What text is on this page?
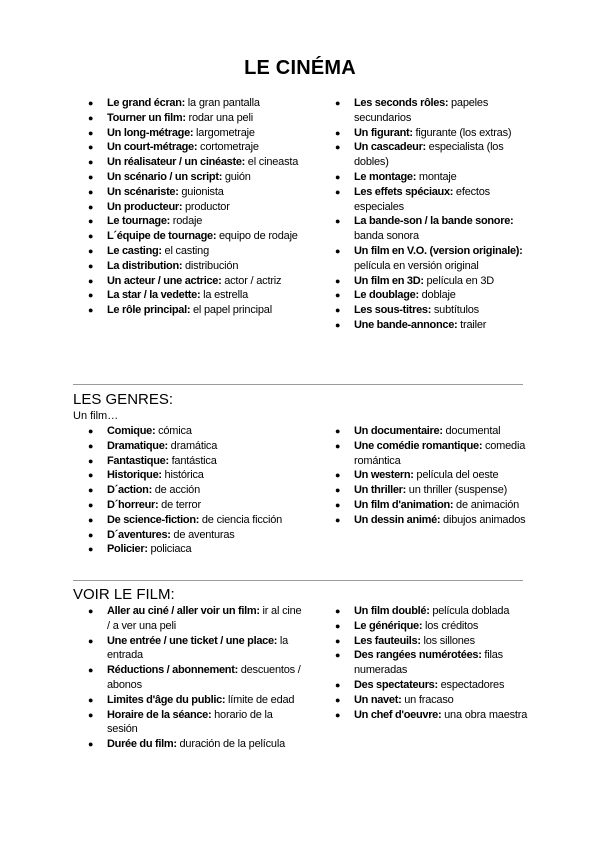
LE CINÉMA
● Le grand écran: la gran pantalla
● Tourner un film: rodar una peli
● Un long-métrage: largometraje
● Un court-métrage: cortometraje
● Un réalisateur / un cinéaste: el cineasta
● Un scénario / un script: guión
● Un scénariste: guionista
● Un producteur: productor
● Le tournage: rodaje
● L´équipe de tournage: equipo de rodaje
● Le casting: el casting
● La distribution: distribución
● Un acteur / une actrice: actor / actriz
● La star / la vedette: la estrella
● Le rôle principal: el papel principal
● Les seconds rôles: papeles secundarios
● Un figurant: figurante (los extras)
● Un cascadeur: especialista (los dobles)
● Le montage: montaje
● Les effets spéciaux: efectos especiales
● La bande-son / la bande sonore: banda sonora
● Un film en V.O. (version originale): película en versión original
● Un film en 3D: película en 3D
● Le doublage: doblaje
● Les sous-titres: subtítulos
● Une bande-annonce: trailer
LES GENRES:
Un film…
● Comique: cómica
● Dramatique: dramática
● Fantastique: fantástica
● Historique: histórica
● D´action: de acción
● D´horreur: de terror
● De science-fiction: de ciencia ficción
● D´aventures: de aventuras
● Policier: policiaca
● Un documentaire: documental
● Une comédie romantique: comedia romántica
● Un western: película del oeste
● Un thriller: un thriller (suspense)
● Un film d'animation: de animación
● Un dessin animé: dibujos animados
VOIR LE FILM:
● Aller au ciné / aller voir un film: ir al cine / a ver una peli
● Une entrée / une ticket / une place: la entrada
● Réductions / abonnement: descuentos / abonos
● Limites d'âge du public: límite de edad
● Horaire de la séance: horario de la sesión
● Durée du film: duración de la película
● Un film doublé: película doblada
● Le générique: los créditos
● Les fauteuils: los sillones
● Des rangées numérotées: filas numeradas
● Des spectateurs: espectadores
● Un navet: un fracaso
● Un chef d'oeuvre: una obra maestra
